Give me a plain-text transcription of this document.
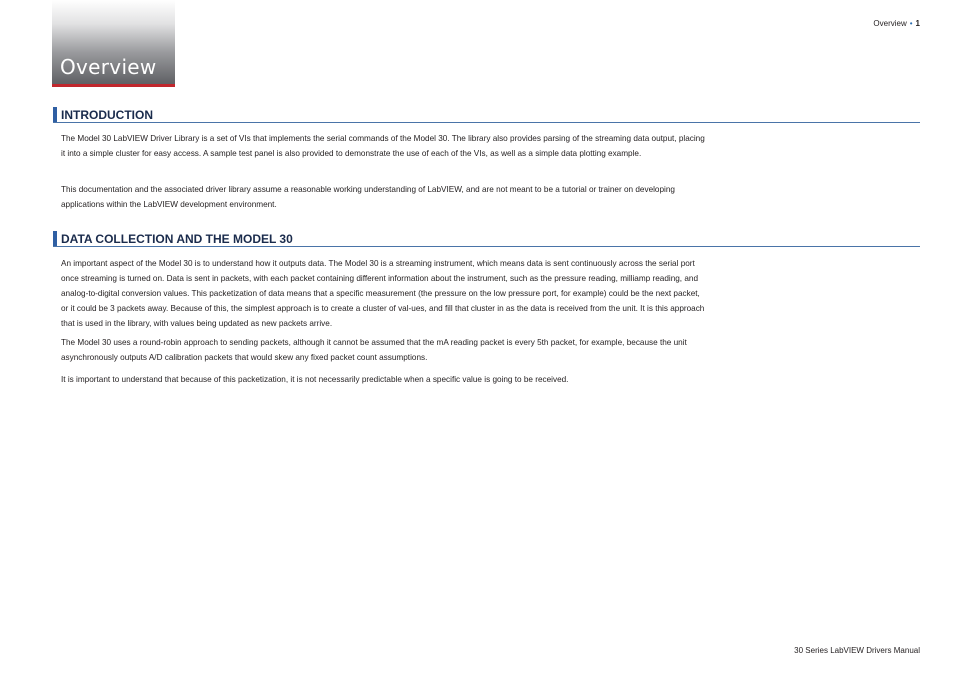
Overview
Overview • 1
INTRODUCTION

The Model 30 LabVIEW Driver Library is a set of VIs that implements the serial commands of the Model 30. The library also provides parsing of the streaming data output, placing it into a simple cluster for easy access. A sample test panel is also provided to demonstrate the use of each of the VIs, as well as a simple data plotting example.

This documentation and the associated driver library assume a reasonable working understanding of LabVIEW, and are not meant to be a tutorial or trainer on developing applications within the LabVIEW development environment.

DATA COLLECTION AND THE MODEL 30

An important aspect of the Model 30 is to understand how it outputs data. The Model 30 is a streaming instrument, which means data is sent continuously across the serial port once streaming is turned on. Data is sent in packets, with each packet containing different information about the instrument, such as the pressure reading, milliamp reading, and analog-to-digital conversion values. This packetization of data means that a specific measurement (the pressure on the low pressure port, for example) could be the next packet, or it could be 3 packets away. Because of this, the simplest approach is to create a cluster of val-ues, and fill that cluster in as the data is received from the unit. It is this approach that is used in the library, with values being updated as new packets arrive.

The Model 30 uses a round-robin approach to sending packets, although it cannot be assumed that the mA reading packet is every 5th packet, for example, because the unit asynchronously outputs A/D calibration packets that would skew any fixed packet count assumptions.

It is important to understand that because of this packetization, it is not necessarily predictable when a specific value is going to be received.

30 Series LabVIEW Drivers Manual
